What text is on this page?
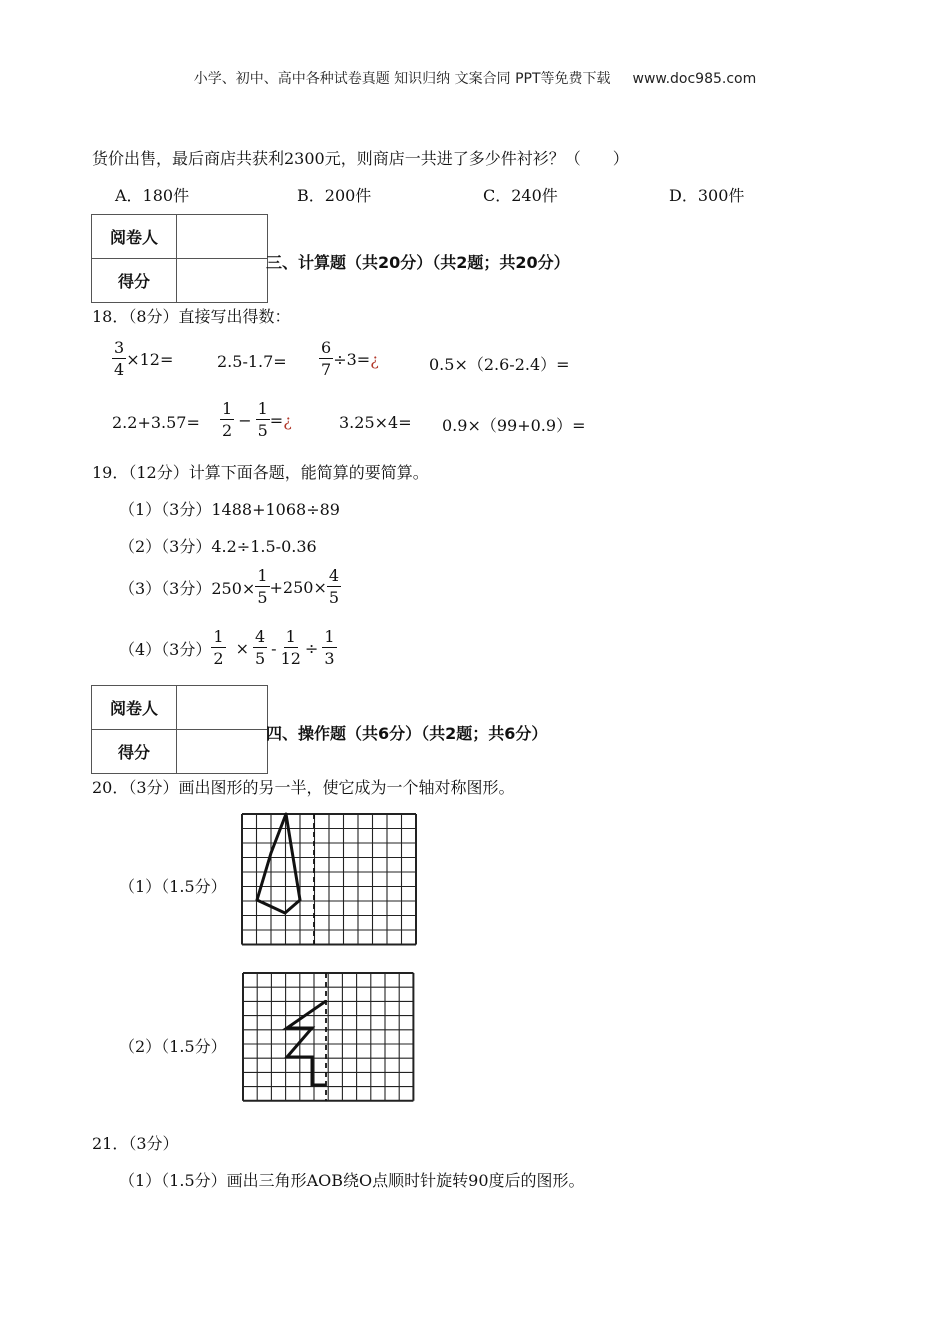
小学、初中、高中各种试卷真题 知识归纳 文案合同 PPT等免费下载 www.doc985.com
货价出售，最后商店共获利2300元，则商店一共进了多少件衬衫？（　　）
A．180件	B．200件	C．240件	D．300件
阅卷人	
得分	
三、计算题（共20分）（共2题；共20分）
18．（8分）直接写出得数：
$\frac{3}{4} \times 12=$	$2.5-1.7= \frac{6}{7} \div 3=$ ¿	0.5×（2.6-2.4）=
$2.2+3.57= \frac{1}{2} - \frac{1}{5}$ = ¿	3.25×4= 0.9×（99+0.9）=
19．（12分）计算下面各题，能简算的要简算。
（1）（3分）1488+1068÷89
（2）（3分）4.2÷1.5-0.36
（3）（3分）$250\times \frac{1}{5} +250\times \frac{4}{5}$
（4）（3分） $\frac{1}{2} \times \frac{4}{5} - \frac{1}{12} \div \frac{1}{3}$
阅卷人	
得分	
四、操作题（共6分）（共2题；共6分）
20．（3分）画出图形的另一半，使它成为一个轴对称图形。
（1）（1.5分）
（2）（1.5分）
21．（3分）
（1）（1.5分）画出三角形AOB绕O点顺时针旋转90度后的图形。
